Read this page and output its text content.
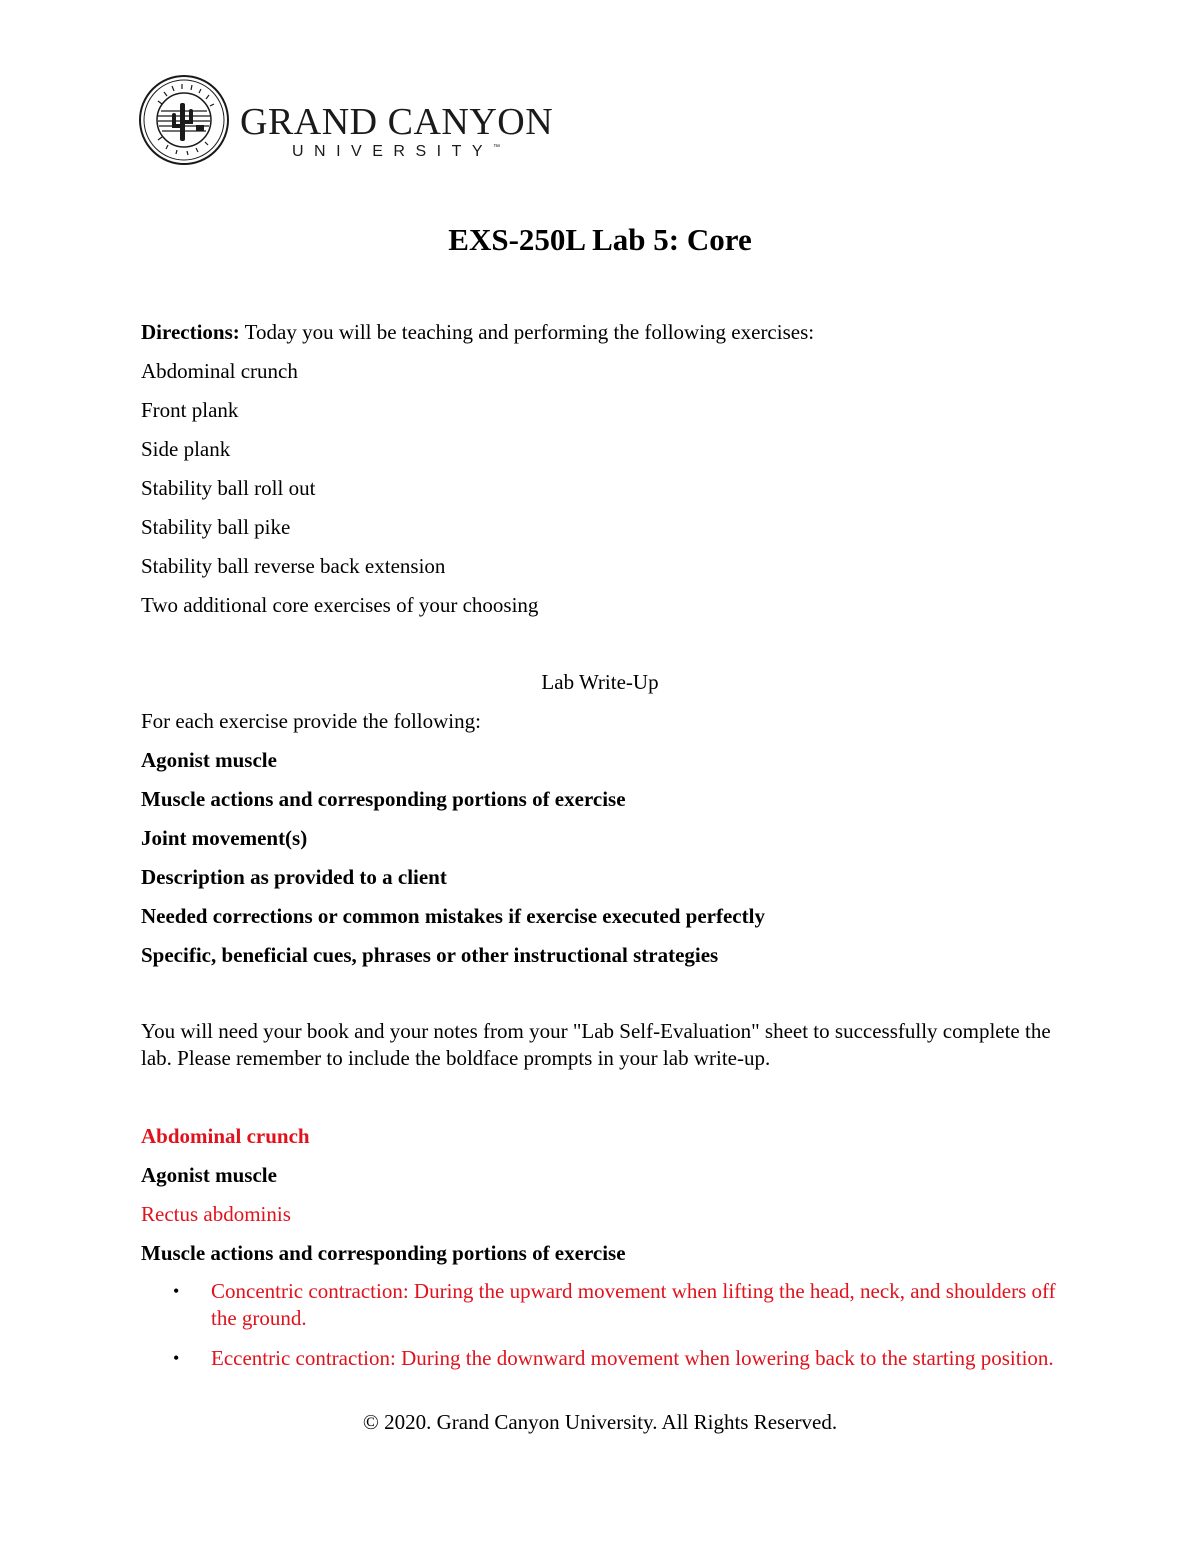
GRAND CANYON
UNIVERSITY™
EXS-250L Lab 5: Core
Directions: Today you will be teaching and performing the following exercises:
Abdominal crunch
Front plank
Side plank
Stability ball roll out
Stability ball pike
Stability ball reverse back extension
Two additional core exercises of your choosing
Lab Write-Up
For each exercise provide the following:
Agonist muscle
Muscle actions and corresponding portions of exercise
Joint movement(s)
Description as provided to a client
Needed corrections or common mistakes if exercise executed perfectly
Specific, beneficial cues, phrases or other instructional strategies
You will need your book and your notes from your "Lab Self-Evaluation" sheet to successfully complete the lab. Please remember to include the boldface prompts in your lab write-up.
Abdominal crunch
Agonist muscle
Rectus abdominis
Muscle actions and corresponding portions of exercise
• Concentric contraction: During the upward movement when lifting the head, neck, and shoulders off the ground.
• Eccentric contraction: During the downward movement when lowering back to the starting position.
© 2020. Grand Canyon University. All Rights Reserved.
